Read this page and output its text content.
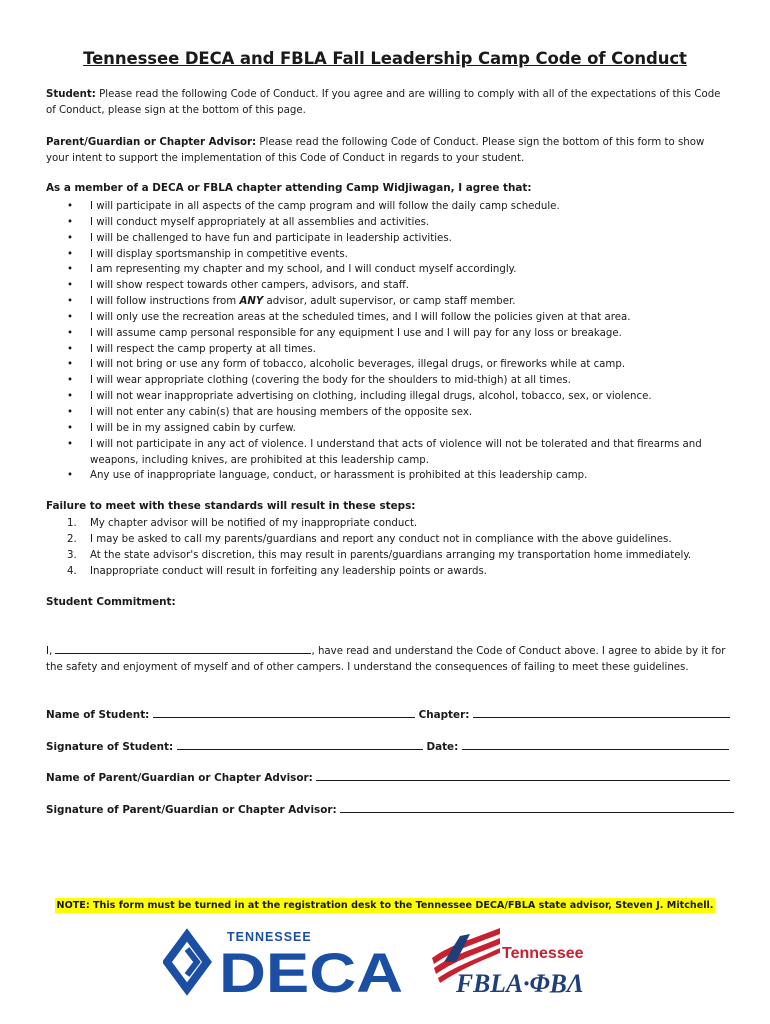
Tennessee DECA and FBLA Fall Leadership Camp Code of Conduct
Student: Please read the following Code of Conduct. If you agree and are willing to comply with all of the expectations of this Code of Conduct, please sign at the bottom of this page.
Parent/Guardian or Chapter Advisor: Please read the following Code of Conduct. Please sign the bottom of this form to show your intent to support the implementation of this Code of Conduct in regards to your student.
As a member of a DECA or FBLA chapter attending Camp Widjiwagan, I agree that:
• I will participate in all aspects of the camp program and will follow the daily camp schedule.
• I will conduct myself appropriately at all assemblies and activities.
• I will be challenged to have fun and participate in leadership activities.
• I will display sportsmanship in competitive events.
• I am representing my chapter and my school, and I will conduct myself accordingly.
• I will show respect towards other campers, advisors, and staff.
• I will follow instructions from ANY advisor, adult supervisor, or camp staff member.
• I will only use the recreation areas at the scheduled times, and I will follow the policies given at that area.
• I will assume camp personal responsible for any equipment I use and I will pay for any loss or breakage.
• I will respect the camp property at all times.
• I will not bring or use any form of tobacco, alcoholic beverages, illegal drugs, or fireworks while at camp.
• I will wear appropriate clothing (covering the body for the shoulders to mid-thigh) at all times.
• I will not wear inappropriate advertising on clothing, including illegal drugs, alcohol, tobacco, sex, or violence.
• I will not enter any cabin(s) that are housing members of the opposite sex.
• I will be in my assigned cabin by curfew.
• I will not participate in any act of violence. I understand that acts of violence will not be tolerated and that firearms and weapons, including knives, are prohibited at this leadership camp.
• Any use of inappropriate language, conduct, or harassment is prohibited at this leadership camp.
Failure to meet with these standards will result in these steps:
1. My chapter advisor will be notified of my inappropriate conduct.
2. I may be asked to call my parents/guardians and report any conduct not in compliance with the above guidelines.
3. At the state advisor's discretion, this may result in parents/guardians arranging my transportation home immediately.
4. Inappropriate conduct will result in forfeiting any leadership points or awards.
Student Commitment:
I,	, have read and understand the Code of Conduct above. I agree to abide by it for the safety and enjoyment of myself and of other campers. I understand the consequences of failing to meet these guidelines.
Name of Student:	Chapter:
Signature of Student:	Date:
Name of Parent/Guardian or Chapter Advisor:
Signature of Parent/Guardian or Chapter Advisor:
NOTE: This form must be turned in at the registration desk to the Tennessee DECA/FBLA state advisor, Steven J. Mitchell.
TENNESSEE
DECA	Tennessee
FBLA·ΦΒΛ
